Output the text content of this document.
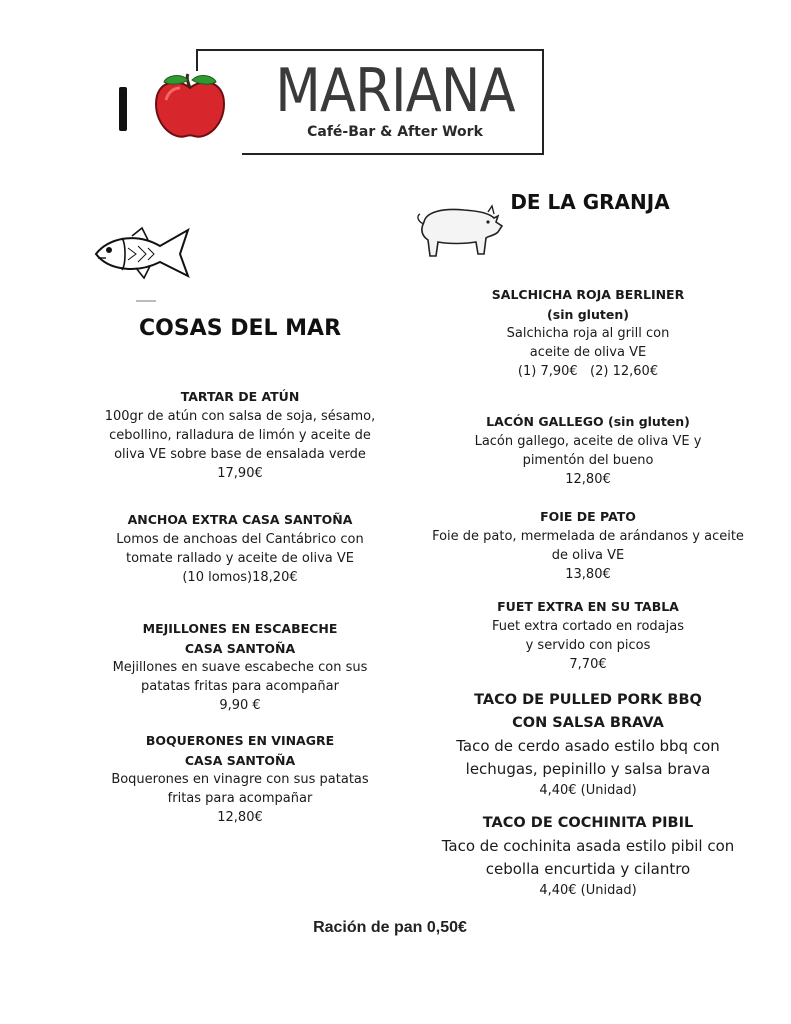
MARIANA
Café-Bar & After Work
COSAS DEL MAR
DE LA GRANJA
TARTAR DE ATÚN
100gr de atún con salsa de soja, sésamo,
cebollino, ralladura de limón y aceite de
oliva VE sobre base de ensalada verde
17,90€
ANCHOA EXTRA CASA SANTOÑA
Lomos de anchoas del Cantábrico con
tomate rallado y aceite de oliva VE
(10 lomos)18,20€
MEJILLONES EN ESCABECHE
CASA SANTOÑA
Mejillones en suave escabeche con sus
patatas fritas para acompañar
9,90 €
BOQUERONES EN VINAGRE
CASA SANTOÑA
Boquerones en vinagre con sus patatas
fritas para acompañar
12,80€
SALCHICHA ROJA BERLINER
(sin gluten)
Salchicha roja al grill con
aceite de oliva VE
(1) 7,90€   (2) 12,60€
LACÓN GALLEGO (sin gluten)
Lacón gallego, aceite de oliva VE y
pimentón del bueno
12,80€
FOIE DE PATO
Foie de pato, mermelada de arándanos y aceite
de oliva VE
13,80€
FUET EXTRA EN SU TABLA
Fuet extra cortado en rodajas
y servido con picos
7,70€
TACO DE PULLED PORK BBQ
CON SALSA BRAVA
Taco de cerdo asado estilo bbq con
lechugas, pepinillo y salsa brava
4,40€ (Unidad)
TACO DE COCHINITA PIBIL
Taco de cochinita asada estilo pibil con
cebolla encurtida y cilantro
4,40€ (Unidad)
Ración de pan 0,50€
